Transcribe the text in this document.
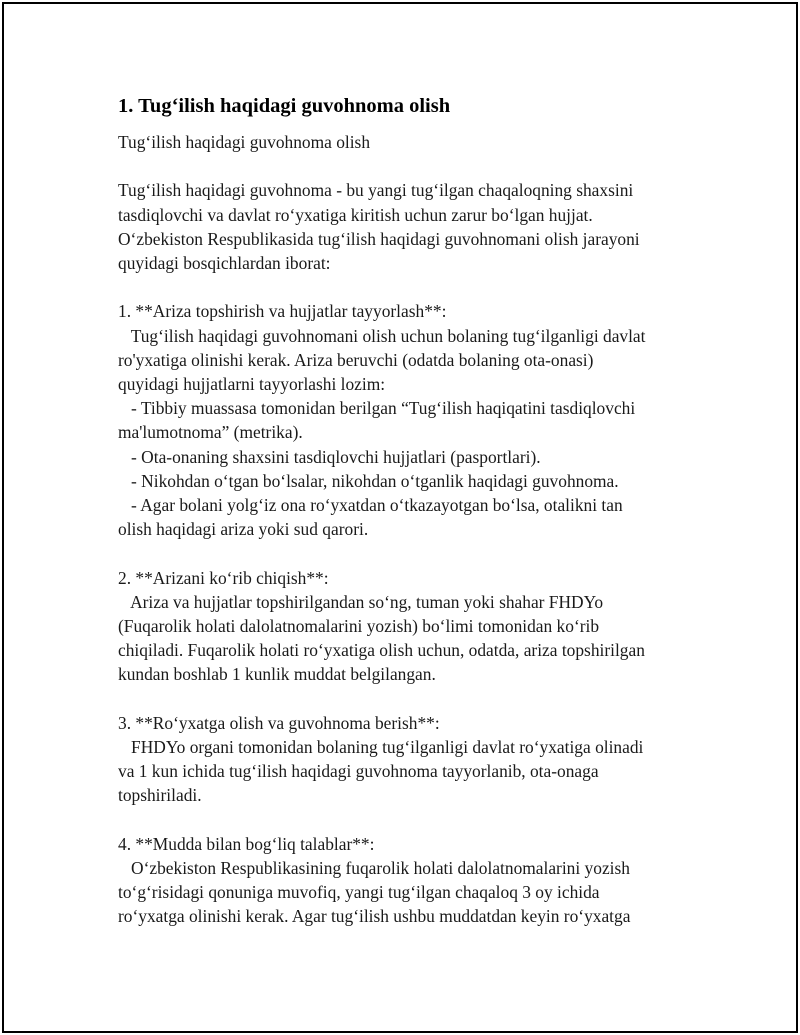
1. Tug‘ilish haqidagi guvohnoma olish
Tug‘ilish haqidagi guvohnoma olish
Tug‘ilish haqidagi guvohnoma - bu yangi tug‘ilgan chaqaloqning shaxsini
tasdiqlovchi va davlat ro‘yxatiga kiritish uchun zarur bo‘lgan hujjat.
O‘zbekiston Respublikasida tug‘ilish haqidagi guvohnomani olish jarayoni
quyidagi bosqichlardan iborat:
1. **Ariza topshirish va hujjatlar tayyorlash**:
Tug‘ilish haqidagi guvohnomani olish uchun bolaning tug‘ilganligi davlat
ro'yxatiga olinishi kerak. Ariza beruvchi (odatda bolaning ota-onasi)
quyidagi hujjatlarni tayyorlashi lozim:
- Tibbiy muassasa tomonidan berilgan “Tug‘ilish haqiqatini tasdiqlovchi
ma'lumotnoma” (metrika).
- Ota-onaning shaxsini tasdiqlovchi hujjatlari (pasportlari).
- Nikohdan o‘tgan bo‘lsalar, nikohdan o‘tganlik haqidagi guvohnoma.
- Agar bolani yolg‘iz ona ro‘yxatdan o‘tkazayotgan bo‘lsa, otalikni tan
olish haqidagi ariza yoki sud qarori.
2. **Arizani ko‘rib chiqish**:
Ariza va hujjatlar topshirilgandan so‘ng, tuman yoki shahar FHDYo
(Fuqarolik holati dalolatnomalarini yozish) bo‘limi tomonidan ko‘rib
chiqiladi. Fuqarolik holati ro‘yxatiga olish uchun, odatda, ariza topshirilgan
kundan boshlab 1 kunlik muddat belgilangan.
3. **Ro‘yxatga olish va guvohnoma berish**:
FHDYo organi tomonidan bolaning tug‘ilganligi davlat ro‘yxatiga olinadi
va 1 kun ichida tug‘ilish haqidagi guvohnoma tayyorlanib, ota-onaga
topshiriladi.
4. **Mudda bilan bog‘liq talablar**:
O‘zbekiston Respublikasining fuqarolik holati dalolatnomalarini yozish
to‘g‘risidagi qonuniga muvofiq, yangi tug‘ilgan chaqaloq 3 oy ichida
ro‘yxatga olinishi kerak. Agar tug‘ilish ushbu muddatdan keyin ro‘yxatga
